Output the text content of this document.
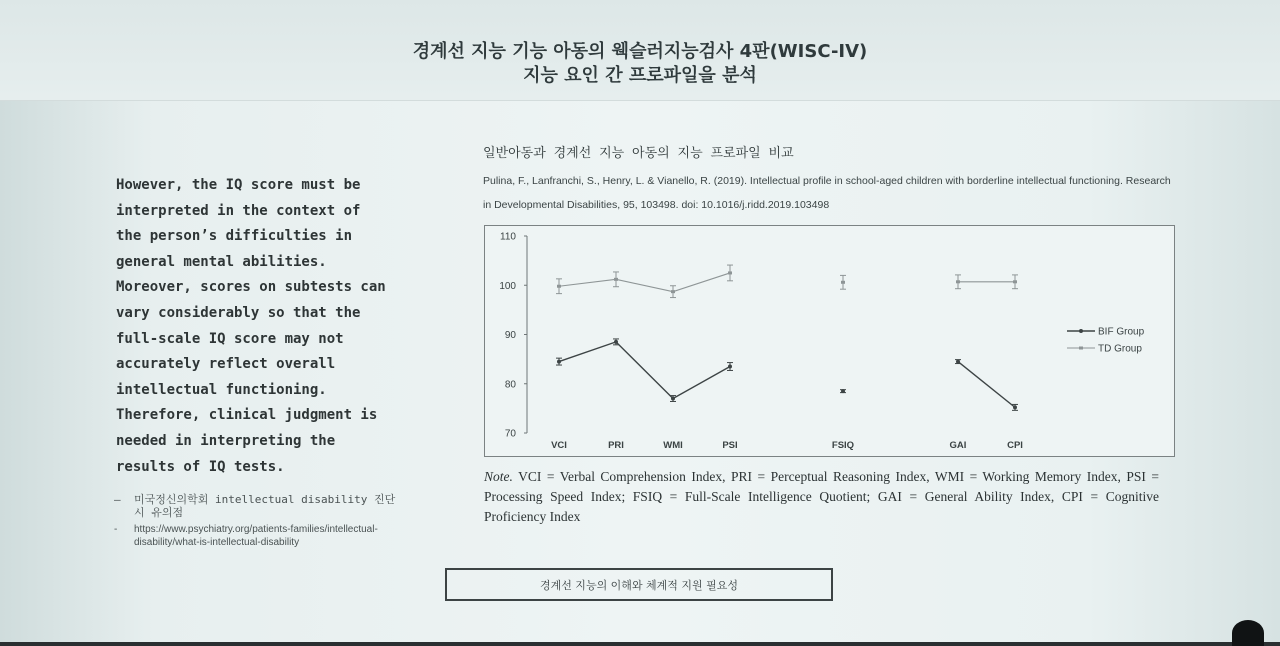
경계선 지능 기능 아동의 웩슬러지능검사 4판(WISC-IV)
지능 요인 간 프로파일을 분석
However, the IQ score must be
interpreted in the context of
the person’s difficulties in
general mental abilities.
Moreover, scores on subtests can
vary considerably so that the
full-scale IQ score may not
accurately reflect overall
intellectual functioning.
Therefore, clinical judgment is
needed in interpreting the
results of IQ tests.
– 미국정신의학회 intellectual disability 진단 시 유의점
- https://www.psychiatry.org/patients-families/intellectual-disability/what-is-intellectual-disability
일반아동과 경계선 지능 아동의 지능 프로파일 비교
Pulina, F., Lanfranchi, S., Henry, L. & Vianello, R. (2019). Intellectual profile in school-aged children with borderline intellectual functioning. Research in Developmental Disabilities, 95, 103498. doi: 10.1016/j.ridd.2019.103498
70
80
90
100
110
VCI	PRI	WMI	PSI	FSIQ	GAI	CPI
BIF Group
TD Group
Note. VCI = Verbal Comprehension Index, PRI = Perceptual Reasoning Index, WMI = Working Memory Index, PSI = Processing Speed Index; FSIQ = Full-Scale Intelligence Quotient; GAI = General Ability Index, CPI = Cognitive Proficiency Index
경계선 지능의 이해와 체계적 지원 필요성
